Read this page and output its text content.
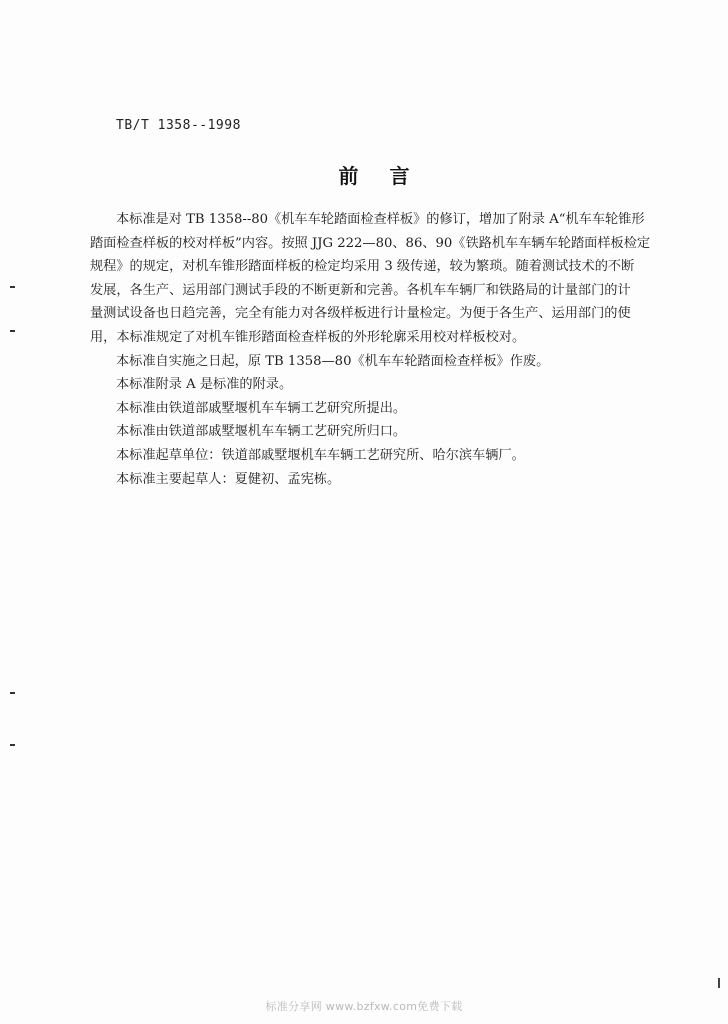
TB/T 1358--1998
前 言
本标准是对 TB 1358--80《机车车轮踏面检查样板》的修订，增加了附录 A“机车车轮锥形
踏面检查样板的校对样板”内容。按照 JJG 222—80、86、90《铁路机车车辆车轮踏面样板检定
规程》的规定，对机车锥形踏面样板的检定均采用 3 级传递，较为繁琐。随着测试技术的不断
发展，各生产、运用部门测试手段的不断更新和完善。各机车车辆厂和铁路局的计量部门的计
量测试设备也日趋完善，完全有能力对各级样板进行计量检定。为便于各生产、运用部门的使
用，本标准规定了对机车锥形踏面检查样板的外形轮廓采用校对样板校对。
本标准自实施之日起，原 TB 1358—80《机车车轮踏面检查样板》作废。
本标准附录 A 是标准的附录。
本标准由铁道部戚墅堰机车车辆工艺研究所提出。
本标准由铁道部戚墅堰机车车辆工艺研究所归口。
本标准起草单位：铁道部戚墅堰机车车辆工艺研究所、哈尔滨车辆厂。
本标准主要起草人：夏健初、孟宪栋。
标准分享网 www.bzfxw.com免费下载
